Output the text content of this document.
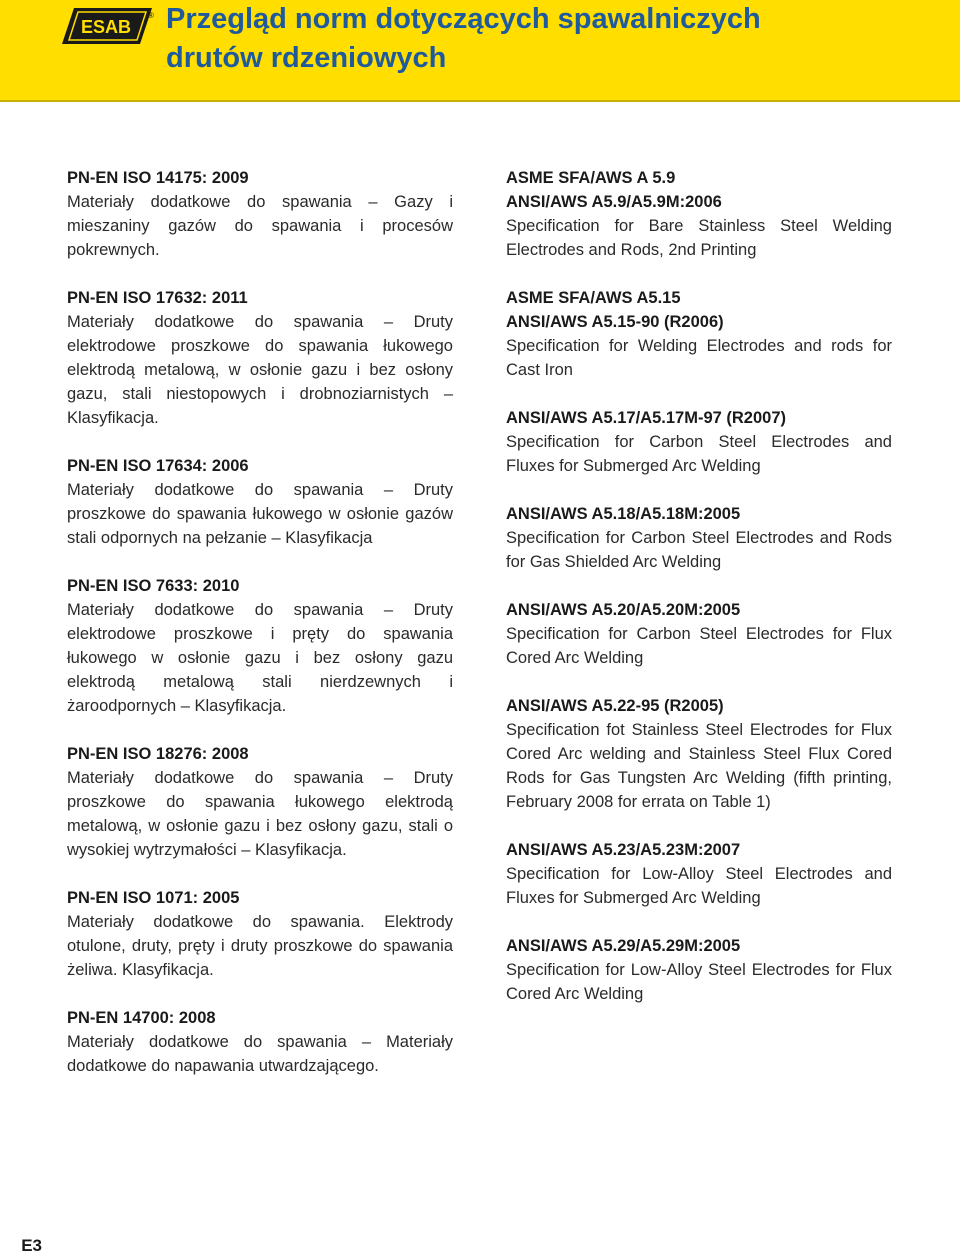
ESAB
® Przegląd norm dotyczących spawalniczych
drutów rdzeniowych
PN-EN ISO 14175: 2009
Materiały dodatkowe do spawania – Gazy i mieszaniny gazów do spawania i procesów pokrewnych.
PN-EN ISO 17632: 2011
Materiały dodatkowe do spawania – Druty elektrodowe proszkowe do spawania łukowego elektrodą metalową, w osłonie gazu i bez osłony gazu, stali niestopowych i drobnoziarnistych – Klasyfikacja.
PN-EN ISO 17634: 2006
Materiały dodatkowe do spawania – Druty proszkowe do spawania łukowego w osłonie gazów stali odpornych na pełzanie – Klasyfikacja
PN-EN ISO 7633: 2010
Materiały dodatkowe do spawania – Druty elektrodowe proszkowe i pręty do spawania łukowego w osłonie gazu i bez osłony gazu elektrodą metalową stali nierdzewnych i żaroodpornych – Klasyfikacja.
PN-EN ISO 18276: 2008
Materiały dodatkowe do spawania – Druty proszkowe do spawania łukowego elektrodą metalową, w osłonie gazu i bez osłony gazu, stali o wysokiej wytrzymałości – Klasyfikacja.
PN-EN ISO 1071: 2005
Materiały dodatkowe do spawania. Elektrody otulone, druty, pręty i druty proszkowe do spawania żeliwa. Klasyfikacja.
PN-EN 14700: 2008
Materiały dodatkowe do spawania – Materiały dodatkowe do napawania utwardzającego.
ASME SFA/AWS A 5.9
ANSI/AWS A5.9/A5.9M:2006
Specification for Bare Stainless Steel Welding Electrodes and Rods, 2nd Printing
ASME SFA/AWS A5.15
ANSI/AWS A5.15-90 (R2006)
Specification for Welding Electrodes and rods for Cast Iron
ANSI/AWS A5.17/A5.17M-97 (R2007)
Specification for Carbon Steel Electrodes and Fluxes for Submerged Arc Welding
ANSI/AWS A5.18/A5.18M:2005
Specification for Carbon Steel Electrodes and Rods for Gas Shielded Arc Welding
ANSI/AWS A5.20/A5.20M:2005
Specification for Carbon Steel Electrodes for Flux Cored Arc Welding
ANSI/AWS A5.22-95 (R2005)
Specification fot Stainless Steel Electrodes for Flux Cored Arc welding and Stainless Steel Flux Cored Rods for Gas Tungsten Arc Welding (fifth printing, February 2008 for errata on Table 1)
ANSI/AWS A5.23/A5.23M:2007
Specification for Low-Alloy Steel Electrodes and Fluxes for Submerged Arc Welding
ANSI/AWS A5.29/A5.29M:2005
Specification for Low-Alloy Steel Electrodes for Flux Cored Arc Welding
E3
